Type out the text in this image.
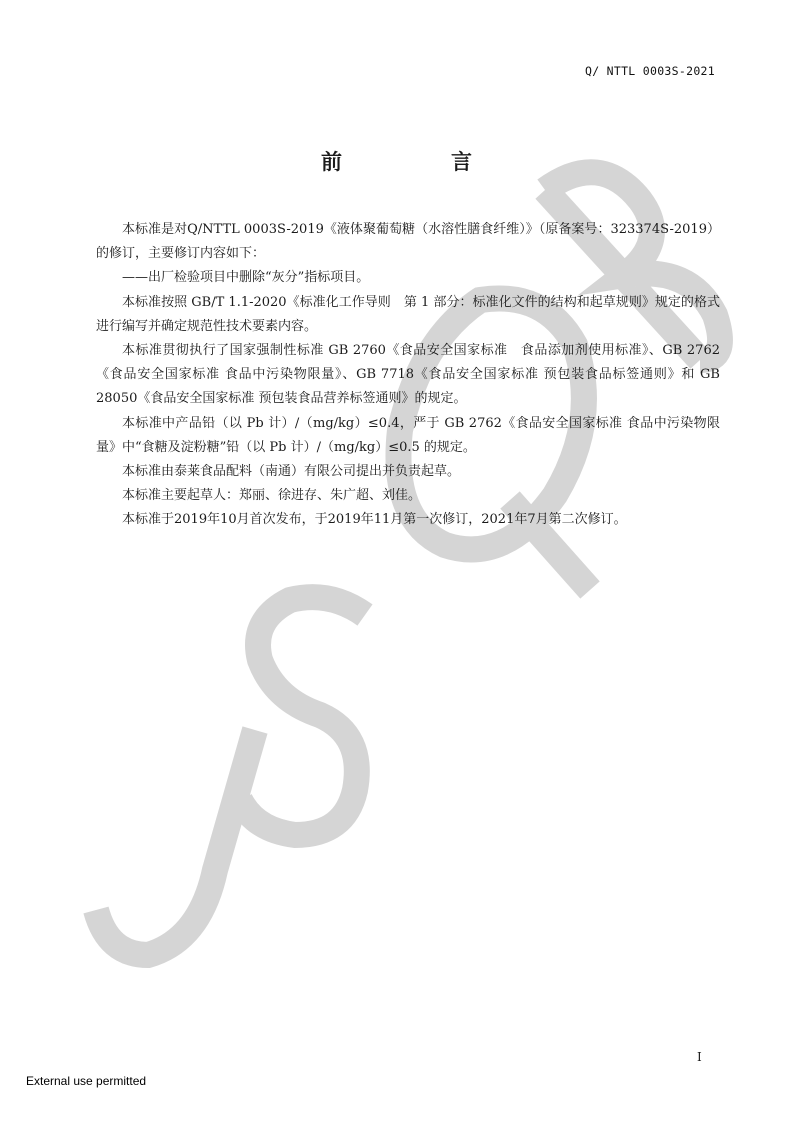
Q/ NTTL 0003S-2021
前　言

本标准是对Q/NTTL 0003S-2019《液体聚葡萄糖（水溶性膳食纤维）》（原备案号：323374S-2019）的修订，主要修订内容如下：

——出厂检验项目中删除“灰分”指标项目。

本标准按照 GB/T 1.1-2020《标准化工作导则　第 1 部分：标准化文件的结构和起草规则》规定的格式进行编写并确定规范性技术要素内容。

本标准贯彻执行了国家强制性标准 GB 2760《食品安全国家标准　食品添加剂使用标准》、GB 2762《食品安全国家标准 食品中污染物限量》、GB 7718《食品安全国家标准 预包装食品标签通则》和 GB 28050《食品安全国家标准 预包装食品营养标签通则》的规定。

本标准中产品铅（以 Pb 计）/（mg/kg）≤0.4，严于 GB 2762《食品安全国家标准 食品中污染物限量》中“食糖及淀粉糖”铅（以 Pb 计）/（mg/kg）≤0.5 的规定。

本标准由泰莱食品配料（南通）有限公司提出并负责起草。

本标准主要起草人：郑丽、徐进存、朱广超、刘佳。

本标准于2019年10月首次发布，于2019年11月第一次修订，2021年7月第二次修订。

I
External use permitted
